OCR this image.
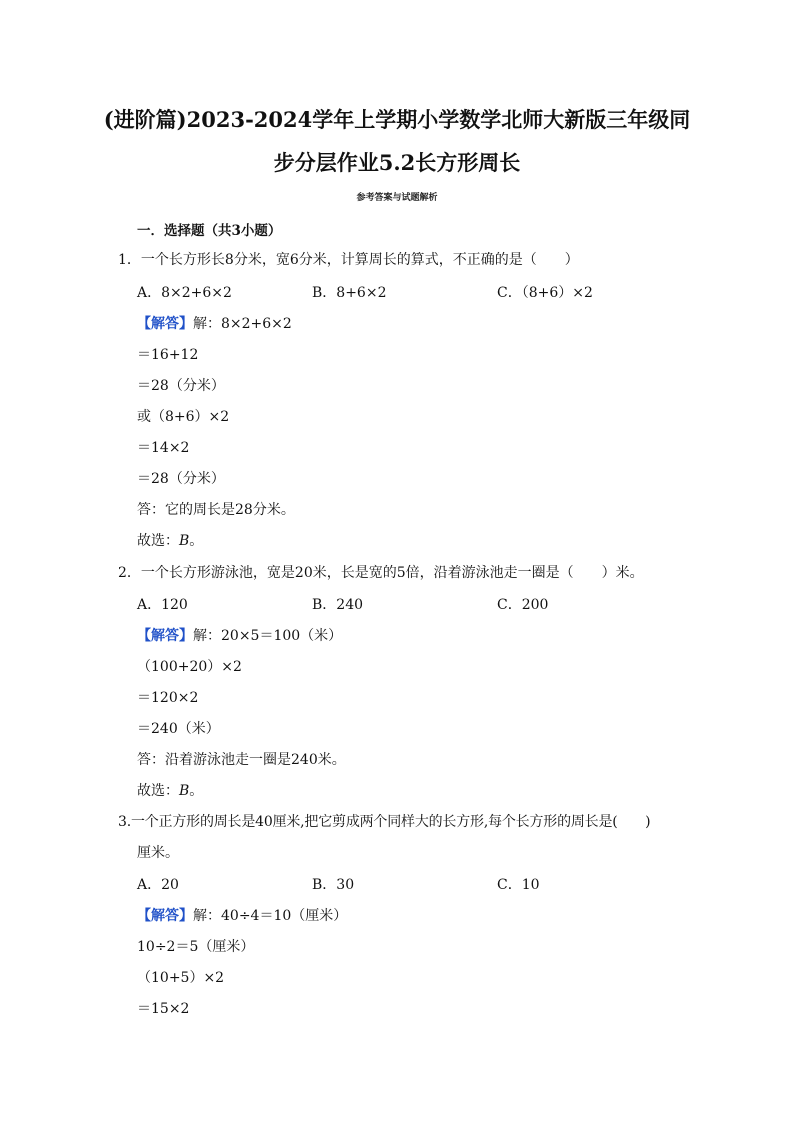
(进阶篇)2023-2024学年上学期小学数学北师大新版三年级同
步分层作业5.2长方形周长
参考答案与试题解析
一．选择题（共3小题）
1．一个长方形长8分米，宽6分米，计算周长的算式，不正确的是（　　）
A．8×2+6×2	B．8+6×2	C．（8+6）×2
【解答】解：8×2+6×2
＝16+12
＝28（分米）
或（8+6）×2
＝14×2
＝28（分米）
答：它的周长是28分米。
故选：B。
2．一个长方形游泳池，宽是20米，长是宽的5倍，沿着游泳池走一圈是（　　）米。
A．120	B．240	C．200
【解答】解：20×5＝100（米）
（100+20）×2
＝120×2
＝240（米）
答：沿着游泳池走一圈是240米。
故选：B。
3.一个正方形的周长是40厘米,把它剪成两个同样大的长方形,每个长方形的周长是(　　)
厘米。
A．20	B．30	C．10
【解答】解：40÷4＝10（厘米）
10÷2＝5（厘米）
（10+5）×2
＝15×2
